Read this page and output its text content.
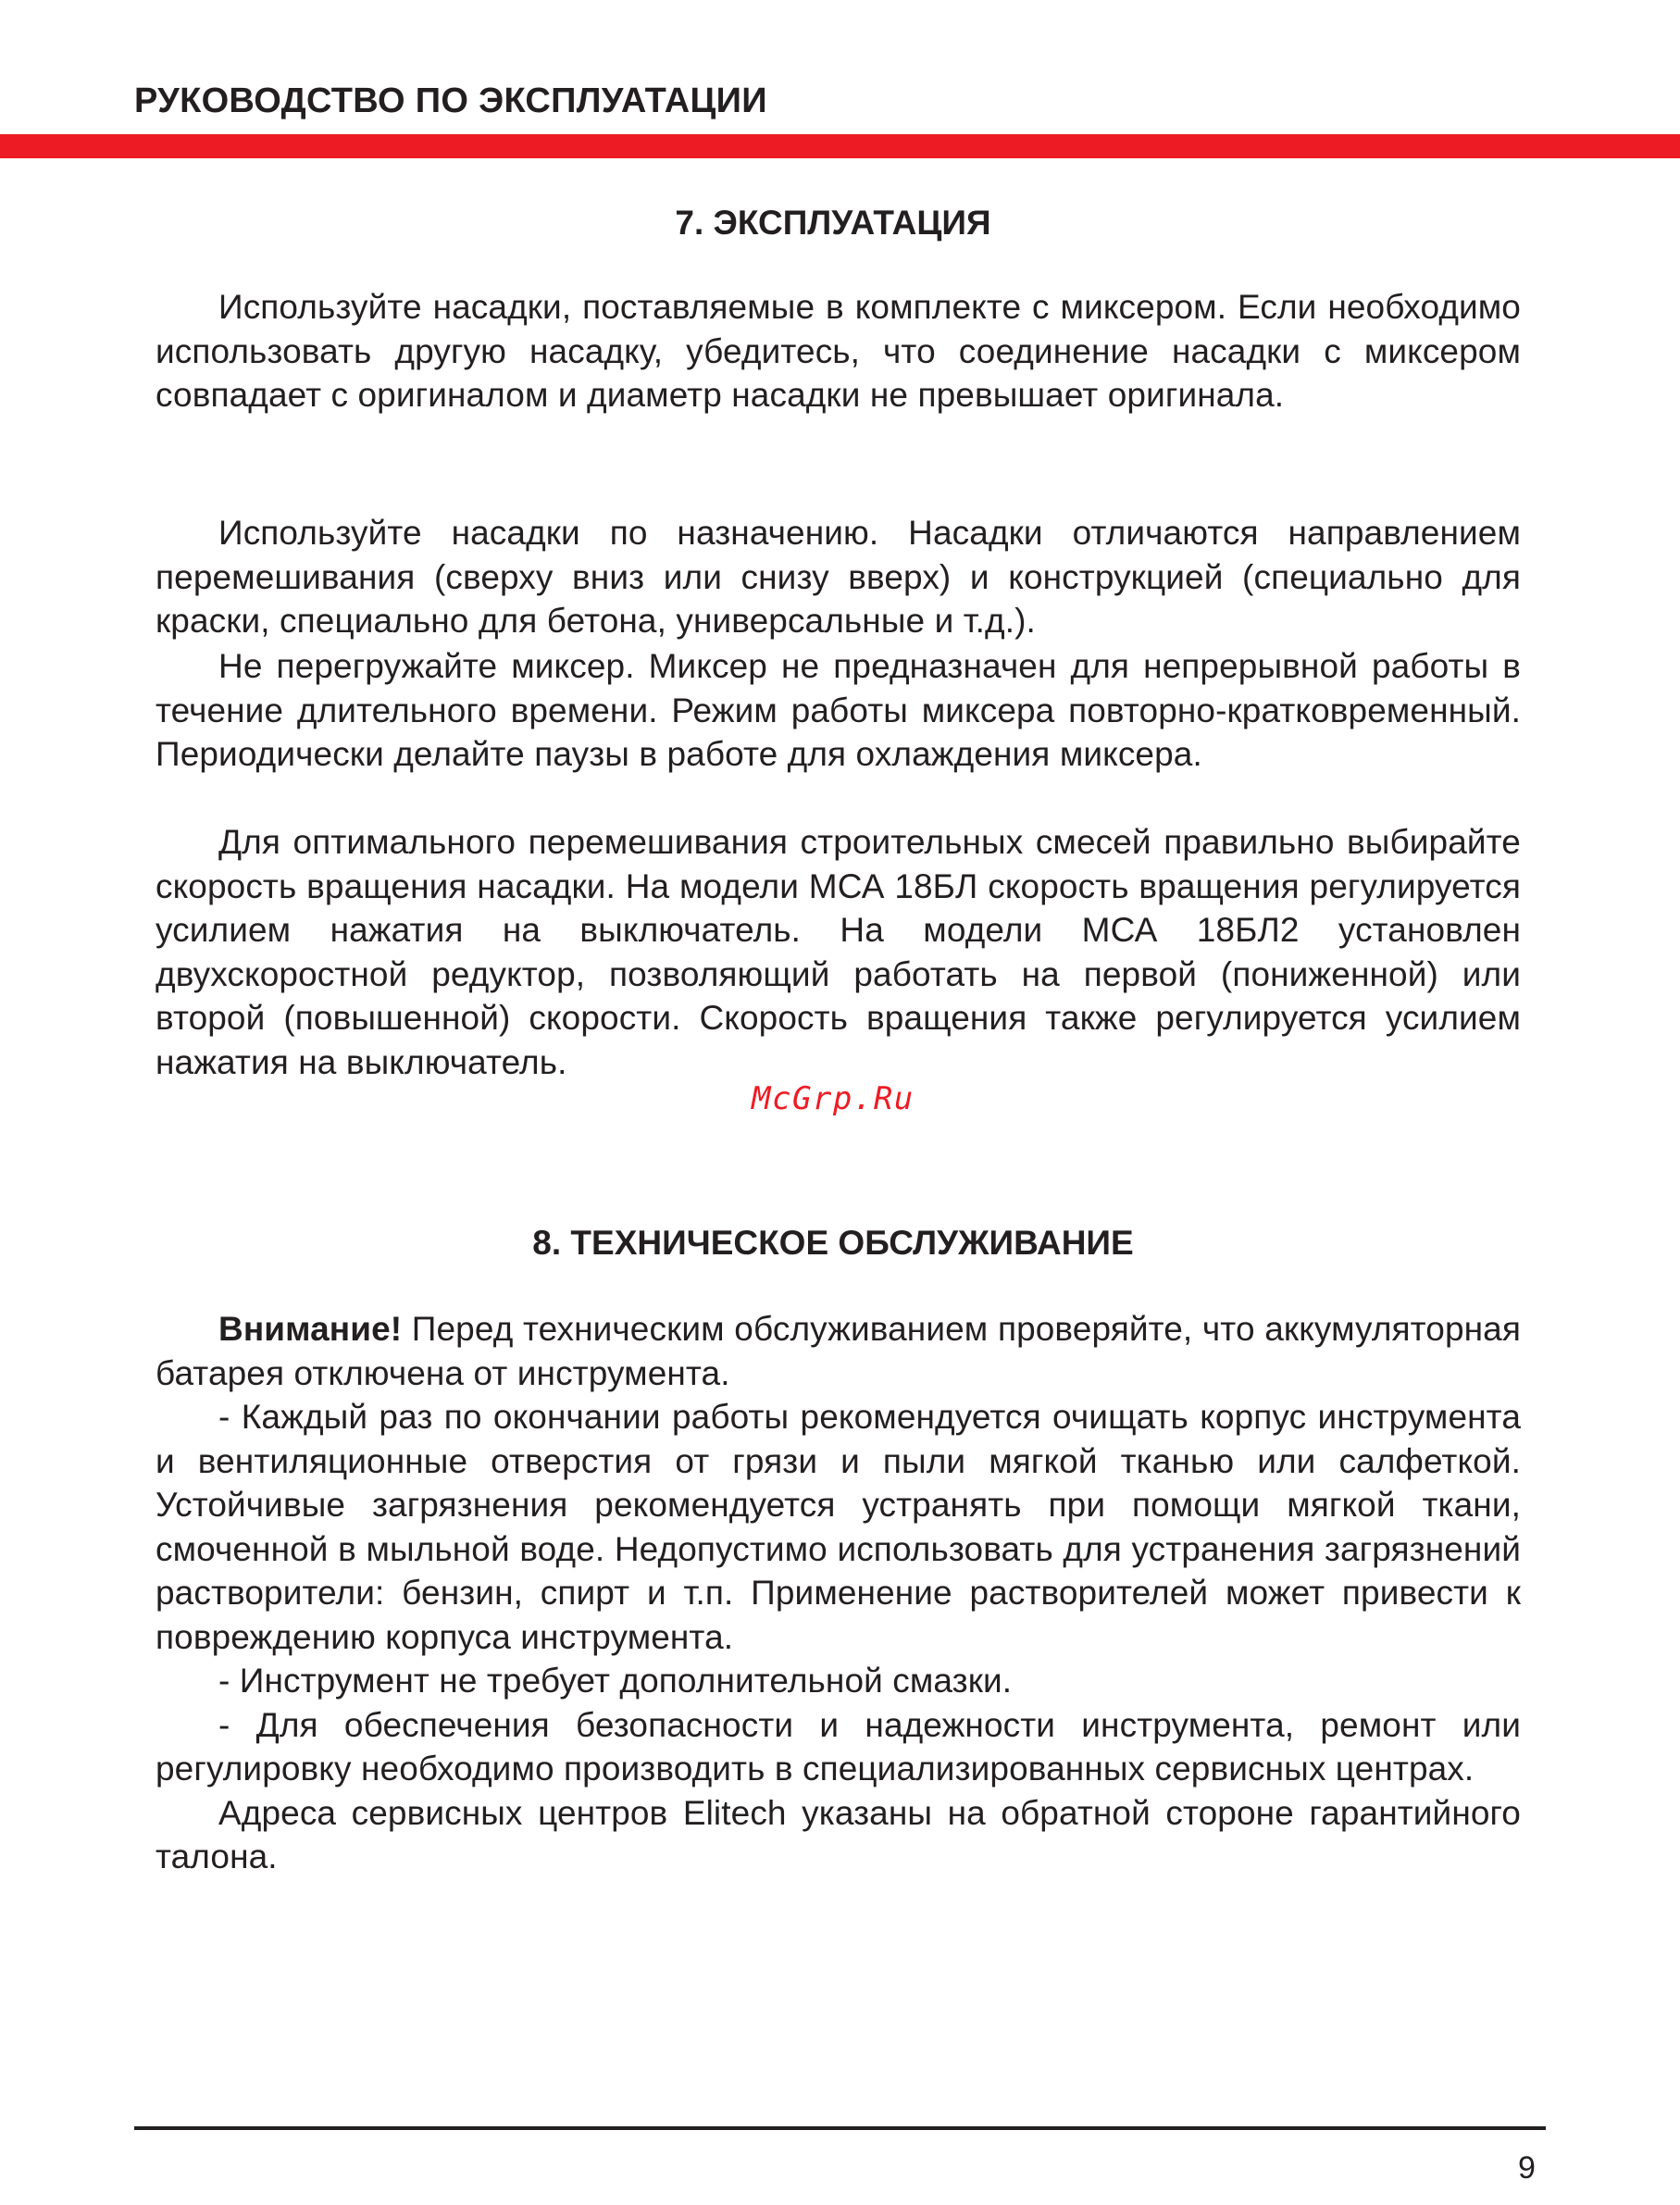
РУКОВОДСТВО ПО ЭКСПЛУАТАЦИИ
7. ЭКСПЛУАТАЦИЯ

Используйте насадки, поставляемые в комплекте с миксером. Если необходимо использовать другую насадку, убедитесь, что соединение насадки с миксером совпадает с оригиналом и диаметр насадки не превышает оригинала.

Используйте насадки по назначению. Насадки отличаются направлением перемешивания (сверху вниз или снизу вверх) и конструкцией (специально для краски, специально для бетона, универсальные и т.д.).

Не перегружайте миксер. Миксер не предназначен для непрерывной работы в течение длительного времени. Режим работы миксера повторно-кратковременный. Периодически делайте паузы в работе для охлаждения миксера.

Для оптимального перемешивания строительных смесей правильно выбирайте скорость вращения насадки. На модели МСА 18БЛ скорость вращения регулируется усилием нажатия на выключатель. На модели МСА 18БЛ2 установлен двухскоростной редуктор, позволяющий работать на первой (пониженной) или второй (повышенной) скорости. Скорость вращения также регулируется усилием нажатия на выключатель.

McGrp.Ru
8. ТЕХНИЧЕСКОЕ ОБСЛУЖИВАНИЕ

Внимание! Перед техническим обслуживанием проверяйте, что аккумуляторная батарея отключена от инструмента.

- Каждый раз по окончании работы рекомендуется очищать корпус инструмента и вентиляционные отверстия от грязи и пыли мягкой тканью или салфеткой. Устойчивые загрязнения рекомендуется устранять при помощи мягкой ткани, смоченной в мыльной воде. Недопустимо использовать для устранения загрязнений растворители: бензин, спирт и т.п. Применение растворителей может привести к повреждению корпуса инструмента.

- Инструмент не требует дополнительной смазки.

- Для обеспечения безопасности и надежности инструмента, ремонт или регулировку необходимо производить в специализированных сервисных центрах.

Адреса сервисных центров Elitech указаны на обратной стороне гарантийного талона.

9
